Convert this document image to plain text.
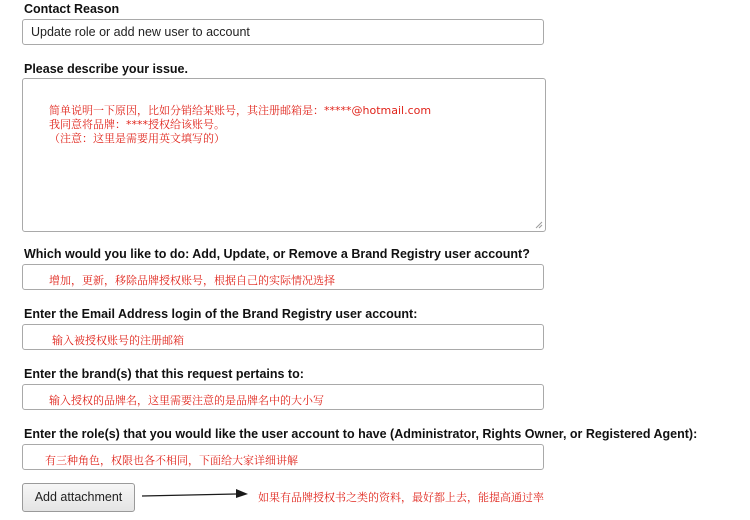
Contact Reason
Update role or add new user to account
Please describe your issue.
简单说明一下原因，比如分销给某账号，其注册邮箱是：*****@hotmail.com
我同意将品牌：****授权给该账号。
（注意：这里是需要用英文填写的）
Which would you like to do: Add, Update, or Remove a Brand Registry user account?
增加，更新，移除品牌授权账号，根据自己的实际情况选择
Enter the Email Address login of the Brand Registry user account:
输入被授权账号的注册邮箱
Enter the brand(s) that this request pertains to:
输入授权的品牌名，这里需要注意的是品牌名中的大小写
Enter the role(s) that you would like the user account to have (Administrator, Rights Owner, or Registered Agent):
有三种角色，权限也各不相同，下面给大家详细讲解
Add attachment	如果有品牌授权书之类的资料，最好都上去，能提高通过率
